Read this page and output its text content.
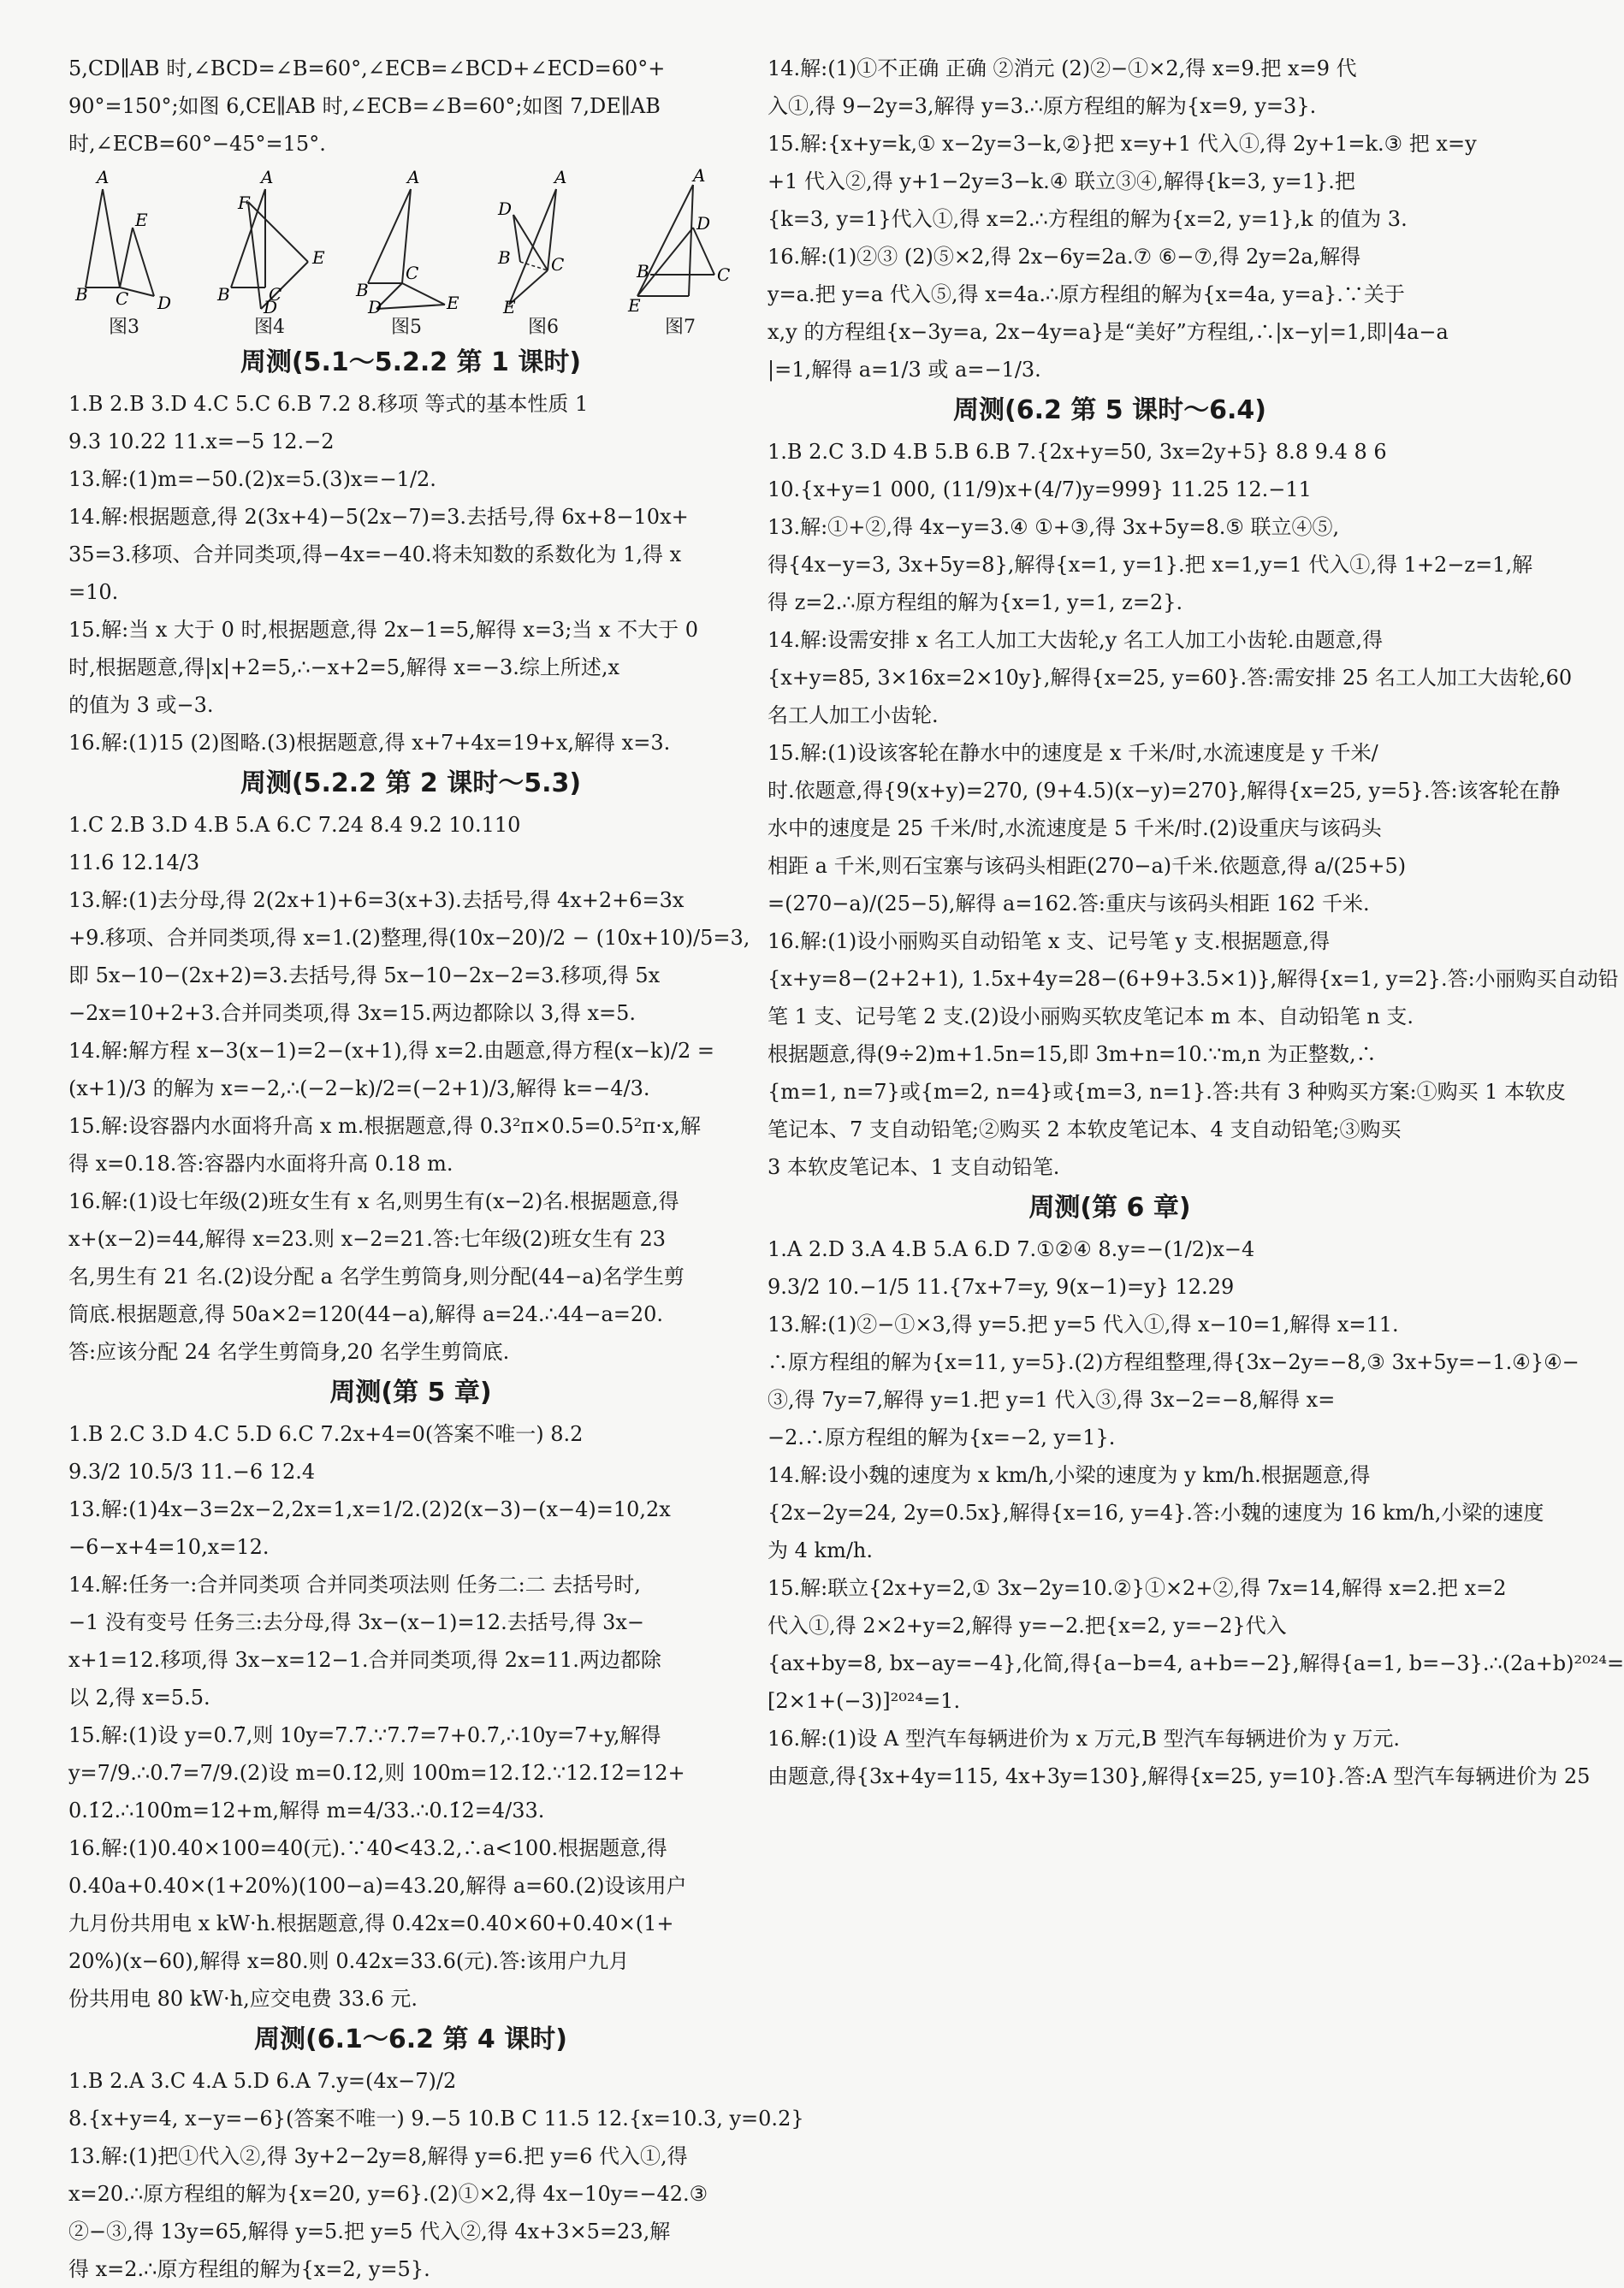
5,CD∥AB 时,∠BCD=∠B=60°,∠ECB=∠BCD+∠ECD=60°+
90°=150°;如图 6,CE∥AB 时,∠ECB=∠B=60°;如图 7,DE∥AB
时,∠ECB=60°−45°=15°.
A
B C D
E
图3
A
F
B C
E
D
图4
A
B
C
E
D
图5
A
D
B C
E
图6
A
D
B	C
E
图7
周测(5.1～5.2.2 第 1 课时)
1.B 2.B 3.D 4.C 5.C 6.B 7.2 8.移项 等式的基本性质 1
9.3 10.22 11.x=−5 12.−2
13.解:(1)m=−50.(2)x=5.(3)x=−1/2.
14.解:根据题意,得 2(3x+4)−5(2x−7)=3.去括号,得 6x+8−10x+
35=3.移项、合并同类项,得−4x=−40.将未知数的系数化为 1,得 x
=10.
15.解:当 x 大于 0 时,根据题意,得 2x−1=5,解得 x=3;当 x 不大于 0
时,根据题意,得|x|+2=5,∴−x+2=5,解得 x=−3.综上所述,x
的值为 3 或−3.
16.解:(1)15 (2)图略.(3)根据题意,得 x+7+4x=19+x,解得 x=3.
周测(5.2.2 第 2 课时～5.3)
1.C 2.B 3.D 4.B 5.A 6.C 7.24 8.4 9.2 10.110
11.6 12.14/3
13.解:(1)去分母,得 2(2x+1)+6=3(x+3).去括号,得 4x+2+6=3x
+9.移项、合并同类项,得 x=1.(2)整理,得(10x−20)/2 − (10x+10)/5=3,
即 5x−10−(2x+2)=3.去括号,得 5x−10−2x−2=3.移项,得 5x
−2x=10+2+3.合并同类项,得 3x=15.两边都除以 3,得 x=5.
14.解:解方程 x−3(x−1)=2−(x+1),得 x=2.由题意,得方程(x−k)/2 =
(x+1)/3 的解为 x=−2,∴(−2−k)/2=(−2+1)/3,解得 k=−4/3.
15.解:设容器内水面将升高 x m.根据题意,得 0.3²π×0.5=0.5²π·x,解
得 x=0.18.答:容器内水面将升高 0.18 m.
16.解:(1)设七年级(2)班女生有 x 名,则男生有(x−2)名.根据题意,得
x+(x−2)=44,解得 x=23.则 x−2=21.答:七年级(2)班女生有 23
名,男生有 21 名.(2)设分配 a 名学生剪筒身,则分配(44−a)名学生剪
筒底.根据题意,得 50a×2=120(44−a),解得 a=24.∴44−a=20.
答:应该分配 24 名学生剪筒身,20 名学生剪筒底.
周测(第 5 章)
1.B 2.C 3.D 4.C 5.D 6.C 7.2x+4=0(答案不唯一) 8.2
9.3/2 10.5/3 11.−6 12.4
13.解:(1)4x−3=2x−2,2x=1,x=1/2.(2)2(x−3)−(x−4)=10,2x
−6−x+4=10,x=12.
14.解:任务一:合并同类项 合并同类项法则 任务二:二 去括号时,
−1 没有变号 任务三:去分母,得 3x−(x−1)=12.去括号,得 3x−
x+1=12.移项,得 3x−x=12−1.合并同类项,得 2x=11.两边都除
以 2,得 x=5.5.
15.解:(1)设 y=0.7̇,则 10y=7.7̇.∵7.7̇=7+0.7̇,∴10y=7+y,解得
y=7/9.∴0.7̇=7/9.(2)设 m=0.1̇2̇,则 100m=12.1̇2̇.∵12.1̇2̇=12+
0.1̇2̇.∴100m=12+m,解得 m=4/33.∴0.1̇2̇=4/33.
16.解:(1)0.40×100=40(元).∵40<43.2,∴a<100.根据题意,得
0.40a+0.40×(1+20%)(100−a)=43.20,解得 a=60.(2)设该用户
九月份共用电 x kW·h.根据题意,得 0.42x=0.40×60+0.40×(1+
20%)(x−60),解得 x=80.则 0.42x=33.6(元).答:该用户九月
份共用电 80 kW·h,应交电费 33.6 元.
周测(6.1～6.2 第 4 课时)
1.B 2.A 3.C 4.A 5.D 6.A 7.y=(4x−7)/2
8.{x+y=4, x−y=−6}(答案不唯一) 9.−5 10.B C 11.5 12.{x=10.3, y=0.2}
13.解:(1)把①代入②,得 3y+2−2y=8,解得 y=6.把 y=6 代入①,得
x=20.∴原方程组的解为{x=20, y=6}.(2)①×2,得 4x−10y=−42.③
②−③,得 13y=65,解得 y=5.把 y=5 代入②,得 4x+3×5=23,解
得 x=2.∴原方程组的解为{x=2, y=5}.
14.解:(1)①不正确 正确 ②消元 (2)②−①×2,得 x=9.把 x=9 代
入①,得 9−2y=3,解得 y=3.∴原方程组的解为{x=9, y=3}.
15.解:{x+y=k,① x−2y=3−k,②}把 x=y+1 代入①,得 2y+1=k.③ 把 x=y
+1 代入②,得 y+1−2y=3−k.④ 联立③④,解得{k=3, y=1}.把
{k=3, y=1}代入①,得 x=2.∴方程组的解为{x=2, y=1},k 的值为 3.
16.解:(1)②③ (2)⑤×2,得 2x−6y=2a.⑦ ⑥−⑦,得 2y=2a,解得
y=a.把 y=a 代入⑤,得 x=4a.∴原方程组的解为{x=4a, y=a}.∵关于
x,y 的方程组{x−3y=a, 2x−4y=a}是“美好”方程组,∴|x−y|=1,即|4a−a
|=1,解得 a=1/3 或 a=−1/3.
周测(6.2 第 5 课时～6.4)
1.B 2.C 3.D 4.B 5.B 6.B 7.{2x+y=50, 3x=2y+5} 8.8 9.4 8 6
10.{x+y=1 000, (11/9)x+(4/7)y=999} 11.25 12.−11
13.解:①+②,得 4x−y=3.④ ①+③,得 3x+5y=8.⑤ 联立④⑤,
得{4x−y=3, 3x+5y=8},解得{x=1, y=1}.把 x=1,y=1 代入①,得 1+2−z=1,解
得 z=2.∴原方程组的解为{x=1, y=1, z=2}.
14.解:设需安排 x 名工人加工大齿轮,y 名工人加工小齿轮.由题意,得
{x+y=85, 3×16x=2×10y},解得{x=25, y=60}.答:需安排 25 名工人加工大齿轮,60
名工人加工小齿轮.
15.解:(1)设该客轮在静水中的速度是 x 千米/时,水流速度是 y 千米/
时.依题意,得{9(x+y)=270, (9+4.5)(x−y)=270},解得{x=25, y=5}.答:该客轮在静
水中的速度是 25 千米/时,水流速度是 5 千米/时.(2)设重庆与该码头
相距 a 千米,则石宝寨与该码头相距(270−a)千米.依题意,得 a/(25+5)
=(270−a)/(25−5),解得 a=162.答:重庆与该码头相距 162 千米.
16.解:(1)设小丽购买自动铅笔 x 支、记号笔 y 支.根据题意,得
{x+y=8−(2+2+1), 1.5x+4y=28−(6+9+3.5×1)},解得{x=1, y=2}.答:小丽购买自动铅
笔 1 支、记号笔 2 支.(2)设小丽购买软皮笔记本 m 本、自动铅笔 n 支.
根据题意,得(9÷2)m+1.5n=15,即 3m+n=10.∵m,n 为正整数,∴
{m=1, n=7}或{m=2, n=4}或{m=3, n=1}.答:共有 3 种购买方案:①购买 1 本软皮
笔记本、7 支自动铅笔;②购买 2 本软皮笔记本、4 支自动铅笔;③购买
3 本软皮笔记本、1 支自动铅笔.
周测(第 6 章)
1.A 2.D 3.A 4.B 5.A 6.D 7.①②④ 8.y=−(1/2)x−4
9.3/2 10.−1/5 11.{7x+7=y, 9(x−1)=y} 12.29
13.解:(1)②−①×3,得 y=5.把 y=5 代入①,得 x−10=1,解得 x=11.
∴原方程组的解为{x=11, y=5}.(2)方程组整理,得{3x−2y=−8,③ 3x+5y=−1.④}④−
③,得 7y=7,解得 y=1.把 y=1 代入③,得 3x−2=−8,解得 x=
−2.∴原方程组的解为{x=−2, y=1}.
14.解:设小魏的速度为 x km/h,小梁的速度为 y km/h.根据题意,得
{2x−2y=24, 2y=0.5x},解得{x=16, y=4}.答:小魏的速度为 16 km/h,小梁的速度
为 4 km/h.
15.解:联立{2x+y=2,① 3x−2y=10.②}①×2+②,得 7x=14,解得 x=2.把 x=2
代入①,得 2×2+y=2,解得 y=−2.把{x=2, y=−2}代入
{ax+by=8, bx−ay=−4},化简,得{a−b=4, a+b=−2},解得{a=1, b=−3}.∴(2a+b)²⁰²⁴=
[2×1+(−3)]²⁰²⁴=1.
16.解:(1)设 A 型汽车每辆进价为 x 万元,B 型汽车每辆进价为 y 万元.
由题意,得{3x+4y=115, 4x+3y=130},解得{x=25, y=10}.答:A 型汽车每辆进价为 25
